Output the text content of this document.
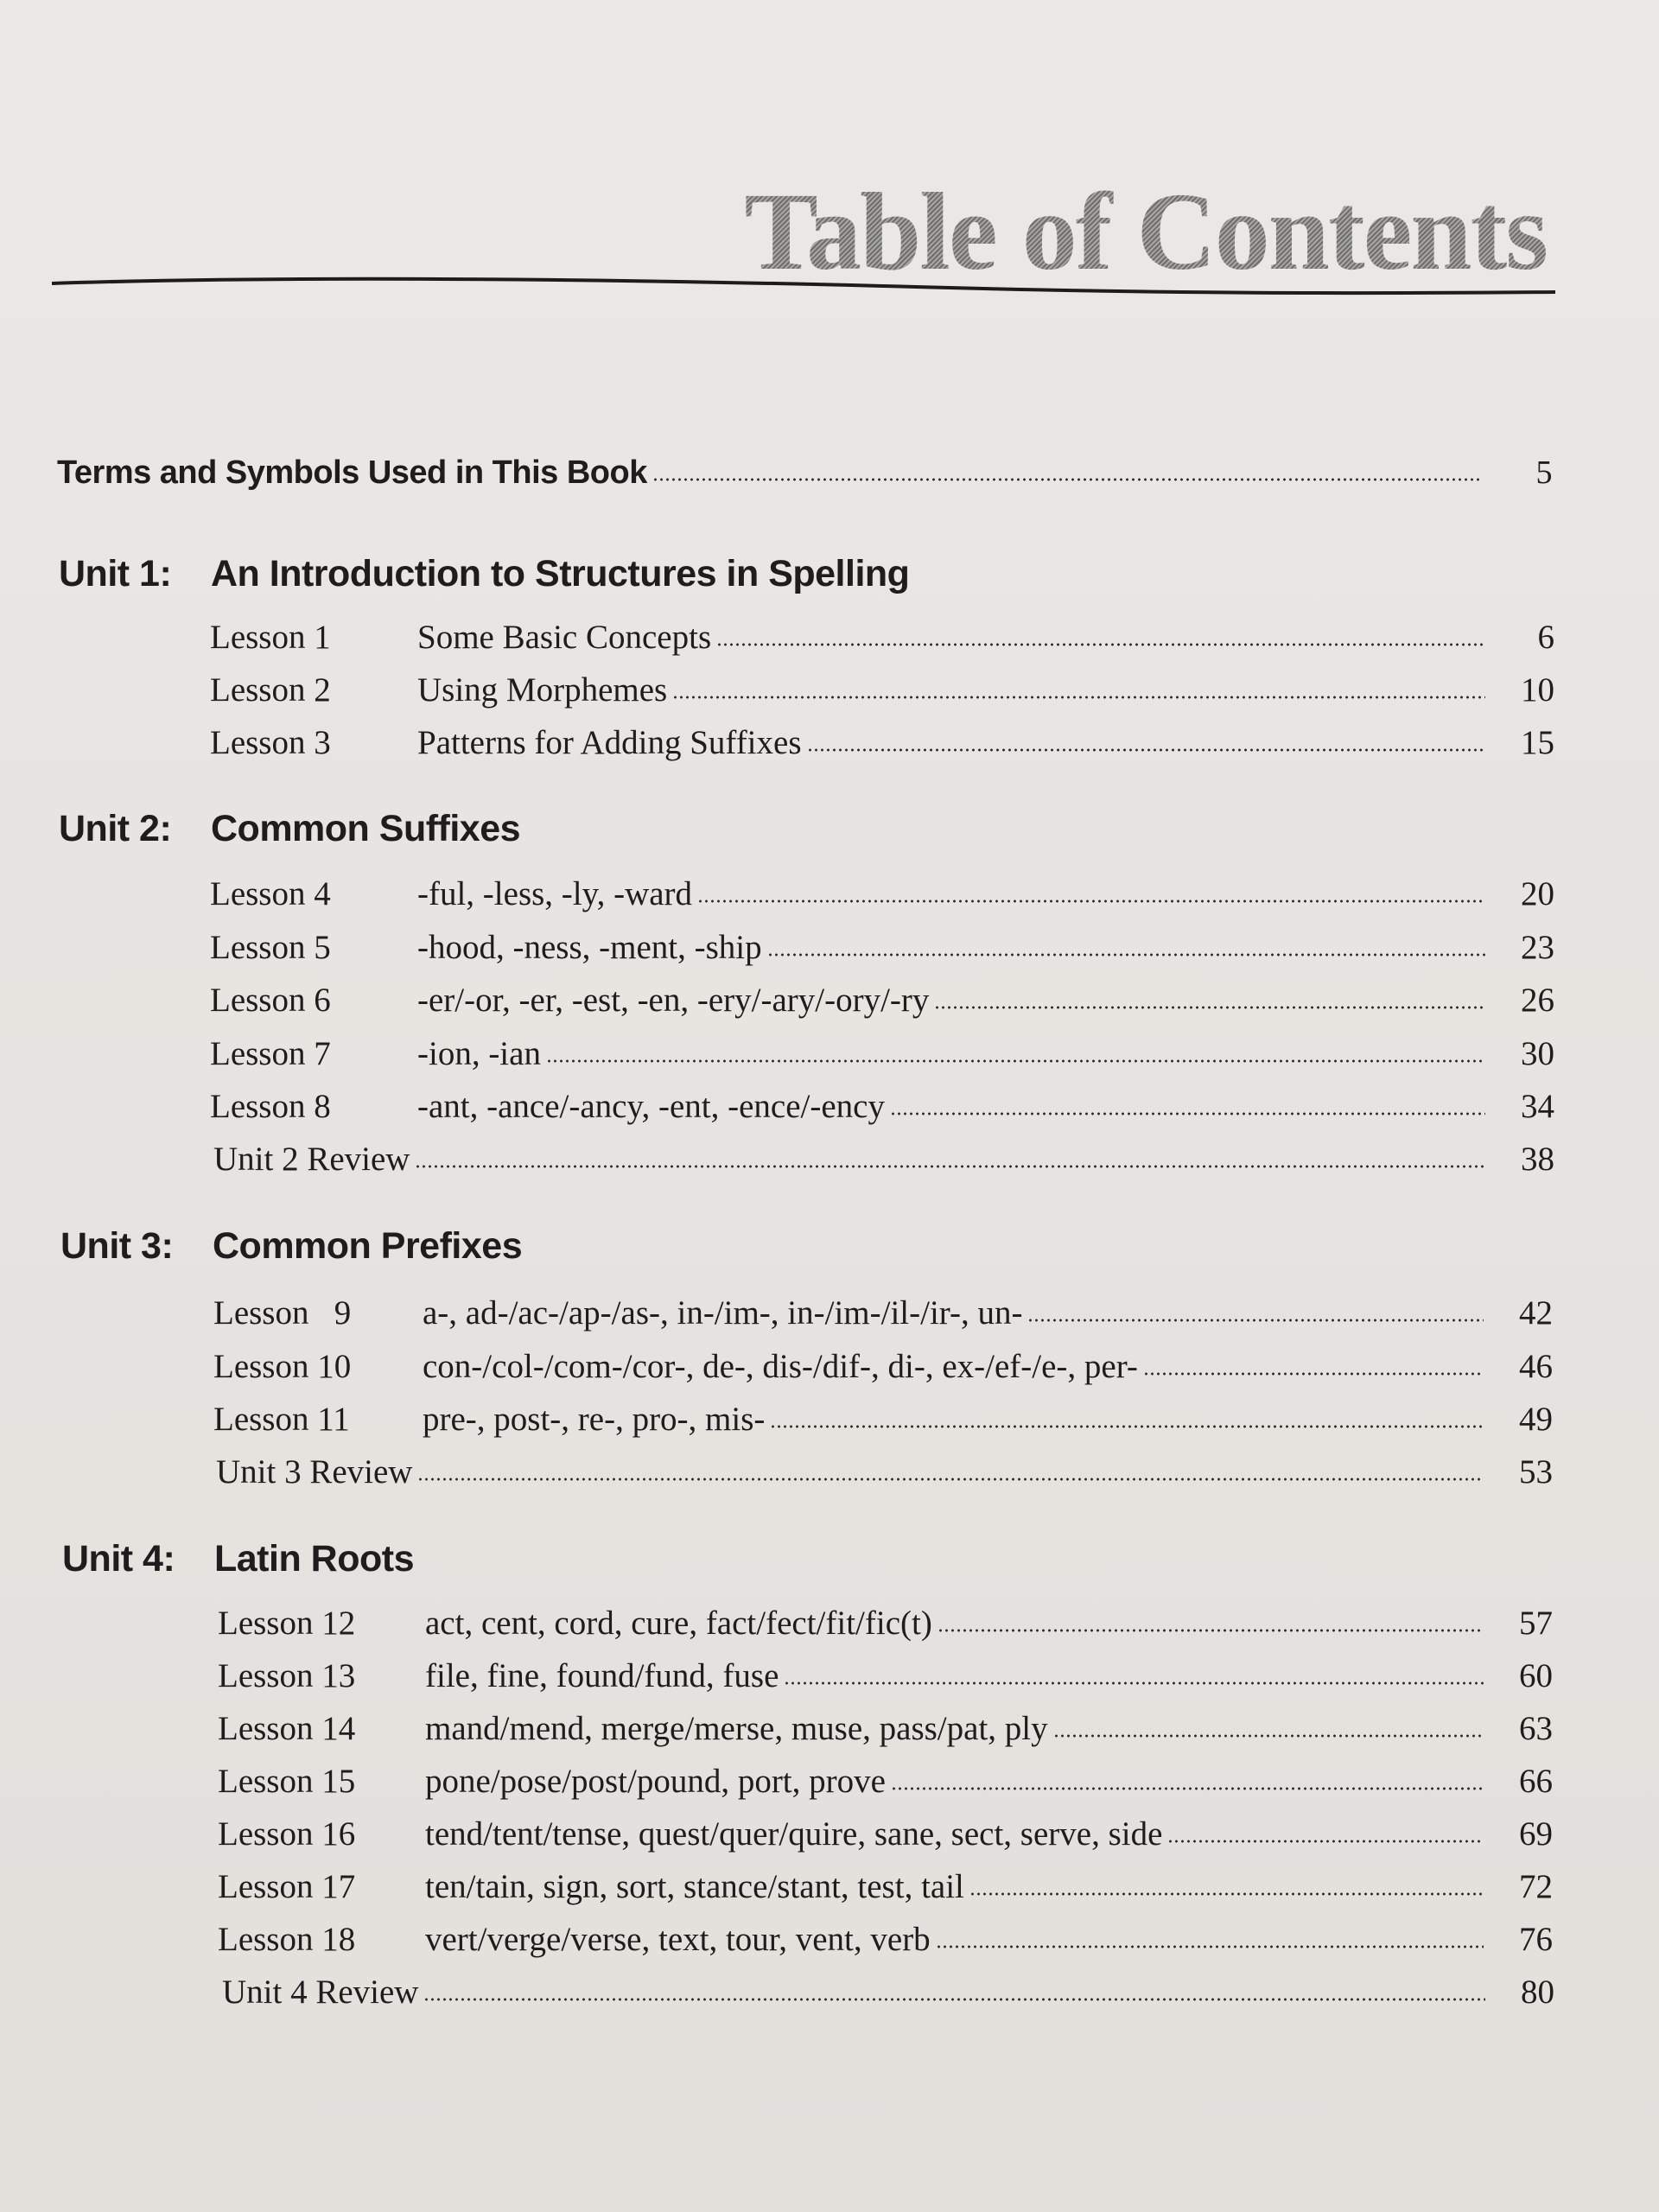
Table of Contents
Terms and Symbols Used in This Book	5
Unit 1:	An Introduction to Structures in Spelling
Lesson 1	Some Basic Concepts	6
Lesson 2	Using Morphemes	10
Lesson 3	Patterns for Adding Suffixes	15
Unit 2:	Common Suffixes
Lesson 4	-ful, -less, -ly, -ward	20
Lesson 5	-hood, -ness, -ment, -ship	23
Lesson 6	-er/-or, -er, -est, -en, -ery/-ary/-ory/-ry	26
Lesson 7	-ion, -ian	30
Lesson 8	-ant, -ance/-ancy, -ent, -ence/-ency	34
Unit 2 Review	38
Unit 3:	Common Prefixes
Lesson   9	a-, ad-/ac-/ap-/as-, in-/im-, in-/im-/il-/ir-, un-	42
Lesson 10	con-/col-/com-/cor-, de-, dis-/dif-, di-, ex-/ef-/e-, per-	46
Lesson 11	pre-, post-, re-, pro-, mis-	49
Unit 3 Review	53
Unit 4:	Latin Roots
Lesson 12	act, cent, cord, cure, fact/fect/fit/fic(t)	57
Lesson 13	file, fine, found/fund, fuse	60
Lesson 14	mand/mend, merge/merse, muse, pass/pat, ply	63
Lesson 15	pone/pose/post/pound, port, prove	66
Lesson 16	tend/tent/tense, quest/quer/quire, sane, sect, serve, side	69
Lesson 17	ten/tain, sign, sort, stance/stant, test, tail	72
Lesson 18	vert/verge/verse, text, tour, vent, verb	76
Unit 4 Review	80
